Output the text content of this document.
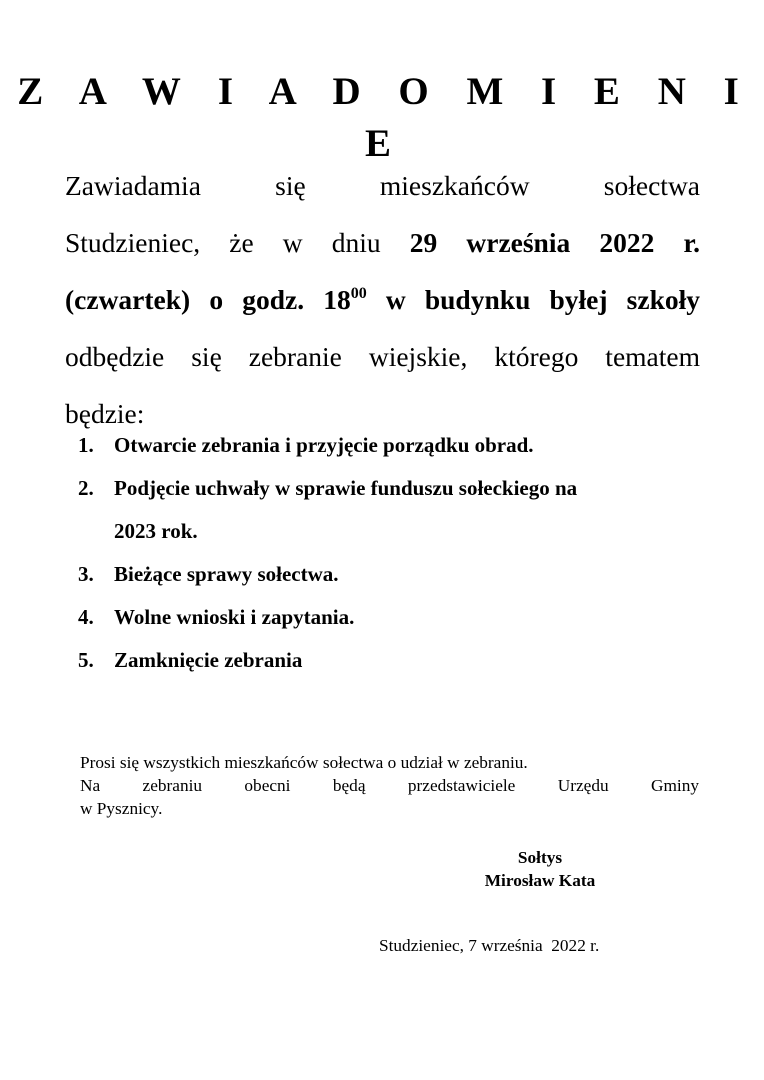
Z A W I A D O M I E N I E
Zawiadamia	się	mieszkańców	sołectwa
Studzieniec, że w dniu 29 września 2022 r.
(czwartek) o godz. $18^{00}$ w budynku byłej szkoły
odbędzie się zebranie wiejskie, którego tematem
będzie:
1. Otwarcie zebrania i przyjęcie porządku obrad.
2. Podjęcie uchwały w sprawie funduszu sołeckiego na
2023 rok.
3. Bieżące sprawy sołectwa.
4. Wolne wnioski i zapytania.
5. Zamknięcie zebrania
Prosi się wszystkich mieszkańców sołectwa o udział w zebraniu.

Na zebraniu obecni będą przedstawiciele Urzędu Gminy
w Pysznicy.
Sołtys
Mirosław Kata
Studzieniec, 7 września  2022 r.
